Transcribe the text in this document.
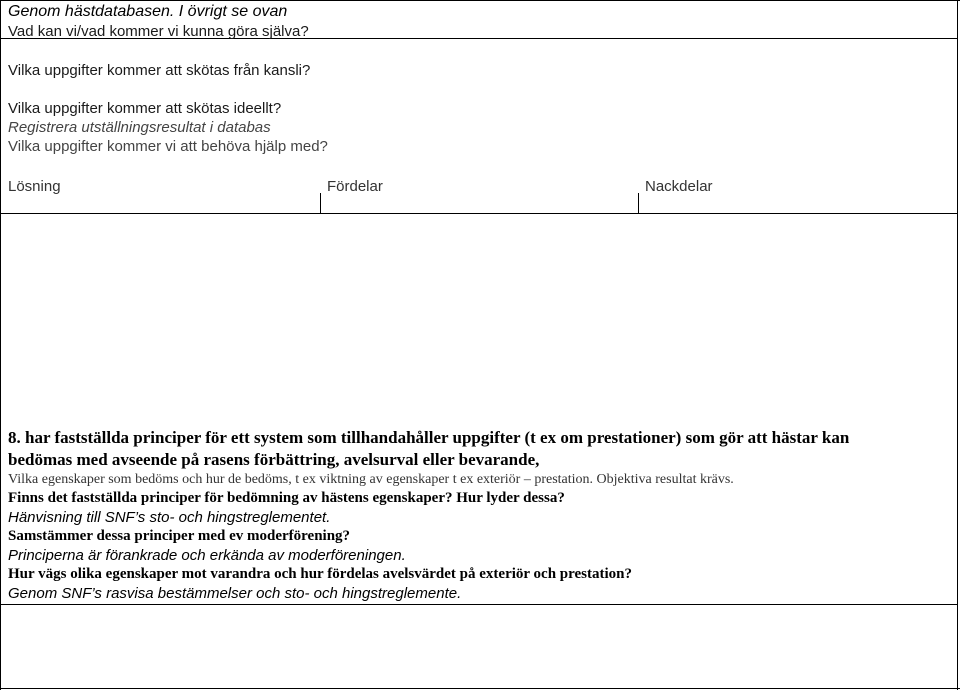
Genom hästdatabasen. I övrigt se ovan
Vad kan vi/vad kommer vi kunna göra själva?
Vilka uppgifter kommer att skötas från kansli?
Vilka uppgifter kommer att skötas ideellt?
Registrera utställningsresultat i databas
Vilka uppgifter kommer vi att behöva hjälp med?
Lösning	Fördelar	Nackdelar
8. har fastställda principer för ett system som tillhandahåller uppgifter (t ex om prestationer) som gör att hästar kan
bedömas med avseende på rasens förbättring, avelsurval eller bevarande,
Vilka egenskaper som bedöms och hur de bedöms, t ex viktning av egenskaper t ex exteriör – prestation. Objektiva resultat krävs.
Finns det fastställda principer för bedömning av hästens egenskaper? Hur lyder dessa?
Hänvisning till SNF’s sto- och hingstreglementet.
Samstämmer dessa principer med ev moderförening?
Principerna är förankrade och erkända av moderföreningen.
Hur vägs olika egenskaper mot varandra och hur fördelas avelsvärdet på exteriör och prestation?
Genom SNF’s rasvisa bestämmelser och sto- och hingstreglemente.
